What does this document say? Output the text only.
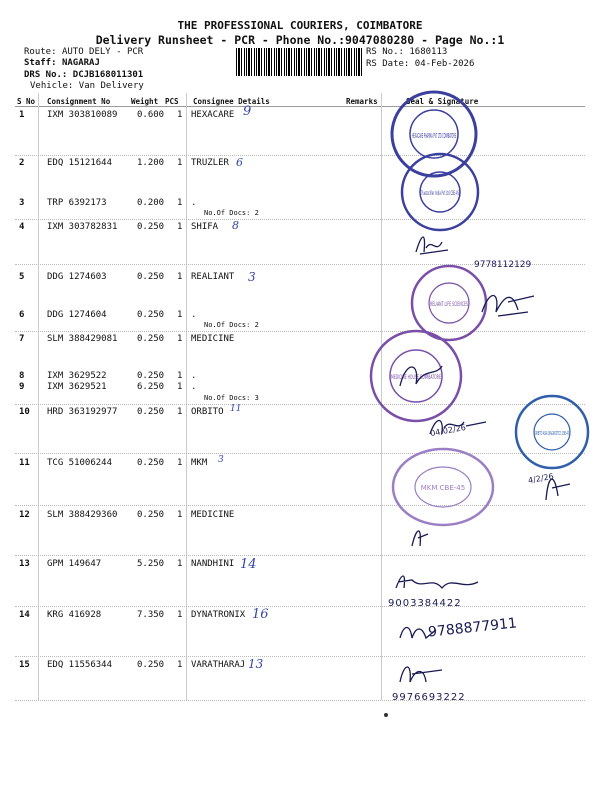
THE PROFESSIONAL COURIERS, COIMBATORE
Delivery Runsheet - PCR - Phone No.:9047080280 - Page No.:1
Route: AUTO DELY - PCR
Staff: NAGARAJ
DRS No.: DCJB168011301
Vehicle: Van Delivery
RS No.: 1680113
RS Date: 04-Feb-2026
S No Consignment No	Weight PCS Consignee Details	Remarks	Seal & Signature
1	IXM 303810089 0.600 1 HEXACARE
2	EDQ 15121644	1.200 1 TRUZLER
3	TRP 6392173	0.200 1 .
No.Of Docs: 2
4	IXM 303782831 0.250 1 SHIFA
5	DDG 1274603	0.250 1 REALIANT
6	DDG 1274604	0.250 1 .
No.Of Docs: 2
7	SLM 388429081 0.250 1 MEDICINE
8	IXM 3629522	0.250 1 .
9	IXM 3629521	6.250 1 .
No.Of Docs: 3
10 HRD 363192977 0.250 1 ORBITO
11 TCG 51006244	0.250 1 MKM
12 SLM 388429360 0.250 1 MEDICINE
13 GPM 149647	5.250 1 NANDHINI
14 KRG 416928	7.350 1 DYNATRONIX
15 EDQ 11556344	0.250 1 VARATHARAJ
HEXACARE PHARMA PVT LTD COIMBATORE
Truezschler India Pvt Ltd CBE-45
RELIANT LIFE SCIENCES
MEDICINE HOUSE COIMBATORE
ORBITO ASIA DIAGNOSTICS CBE-45
MKM CBE-45
9
6
8
3
11
3
14
16
13
9778112129
9003384422
9788877911
9976693222
04/02/26
4/2/26
